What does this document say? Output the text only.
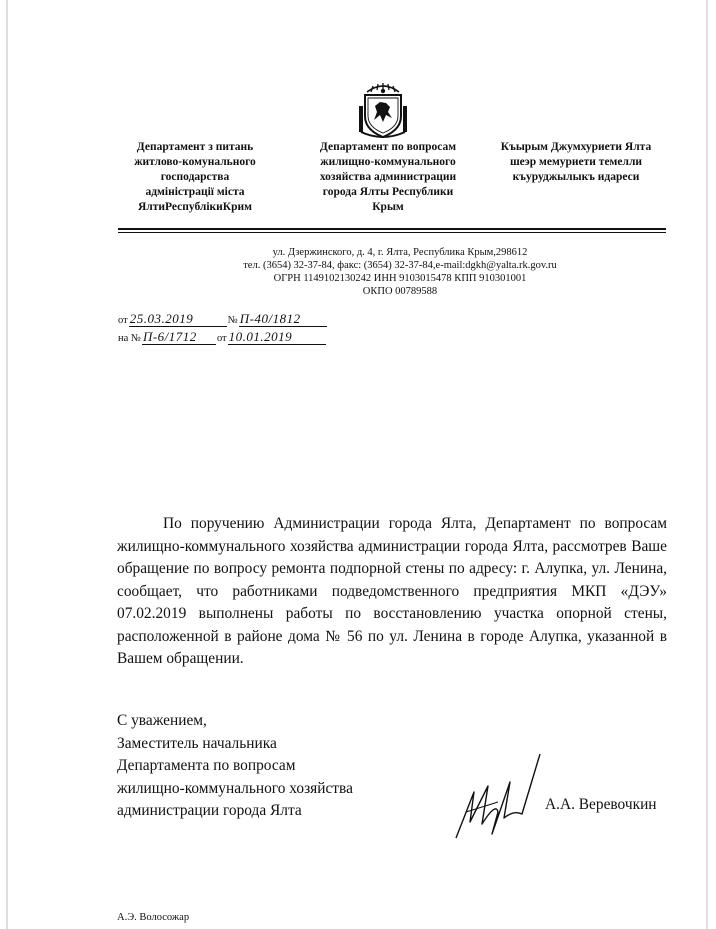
Департамент з питань
житлово-комунального
господарства
адміністрації міста
ЯлтиРеспублікиКрим
Департамент по вопросам
жилищно-коммунального
хозяйства администрации
города Ялты Республики
Крым
Къырым Джумхуриети Ялта
шеэр мемуриети темелли
къуруджылыкъ идареси
ул. Дзержинского, д. 4, г. Ялта, Республика Крым,298612
тел. (3654) 32-37-84, факс: (3654) 32-37-84,e-mail:dgkh@yalta.rk.gov.ru
ОГРН 1149102130242 ИНН 9103015478 КПП 910301001
ОКПО 00789588
от 25.03.2019	№ П-40/1812
на № П-6/1712 от 10.01.2019

По поручению Администрации города Ялта, Департамент по вопросам жилищно-коммунального хозяйства администрации города Ялта, рассмотрев Ваше обращение по вопросу ремонта подпорной стены по адресу: г. Алупка, ул. Ленина, сообщает, что работниками подведомственного предприятия МКП «ДЭУ» 07.02.2019 выполнены работы по восстановлению участка опорной стены, расположенной в районе дома № 56 по ул. Ленина в городе Алупка, указанной в Вашем обращении.

С уважением,
Заместитель начальника
Департамента по вопросам
жилищно-коммунального хозяйства
администрации города Ялта	А.А. Веревочкин
А.Э. Волосожар
